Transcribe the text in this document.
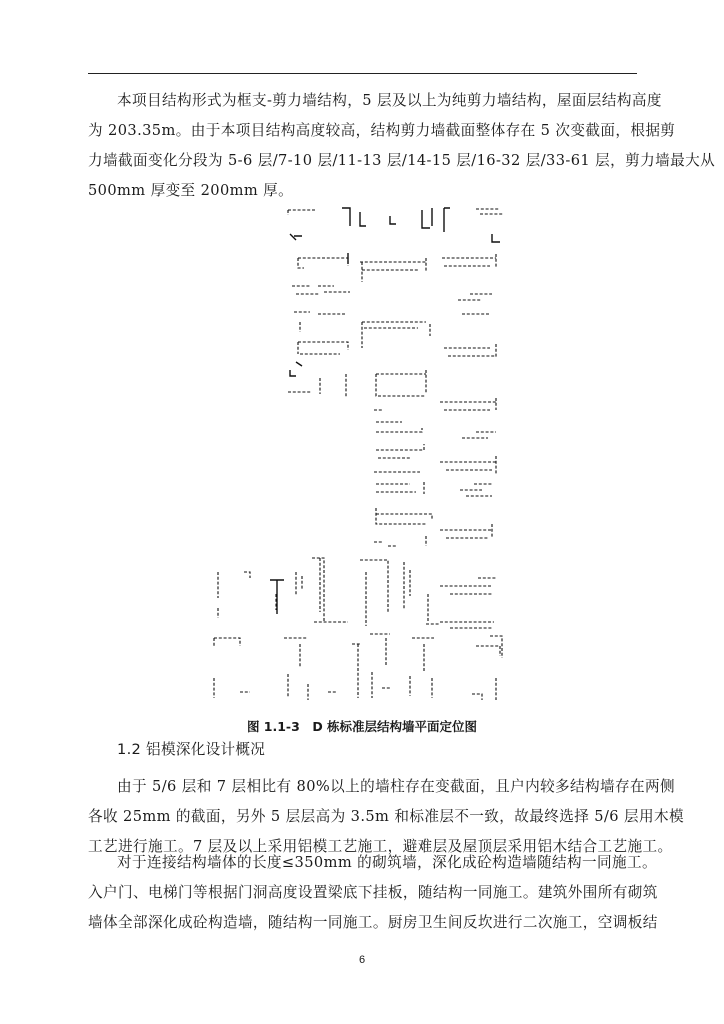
本项目结构形式为框支-剪力墙结构，5 层及以上为纯剪力墙结构，屋面层结构高度
为 203.35m。由于本项目结构高度较高，结构剪力墙截面整体存在 5 次变截面，根据剪
力墙截面变化分段为 5-6 层/7-10 层/11-13 层/14-15 层/16-32 层/33-61 层，剪力墙最大从
500mm 厚变至 200mm 厚。

图 1.1-3　D 栋标准层结构墙平面定位图

1.2 铝模深化设计概况

由于 5/6 层和 7 层相比有 80%以上的墙柱存在变截面，且户内较多结构墙存在两侧
各收 25mm 的截面，另外 5 层层高为 3.5m 和标准层不一致，故最终选择 5/6 层用木模
工艺进行施工。7 层及以上采用铝模工艺施工，避难层及屋顶层采用铝木结合工艺施工。
对于连接结构墙体的长度≤350mm 的砌筑墙，深化成砼构造墙随结构一同施工。
入户门、电梯门等根据门洞高度设置梁底下挂板，随结构一同施工。建筑外围所有砌筑
墙体全部深化成砼构造墙，随结构一同施工。厨房卫生间反坎进行二次施工，空调板结
6
